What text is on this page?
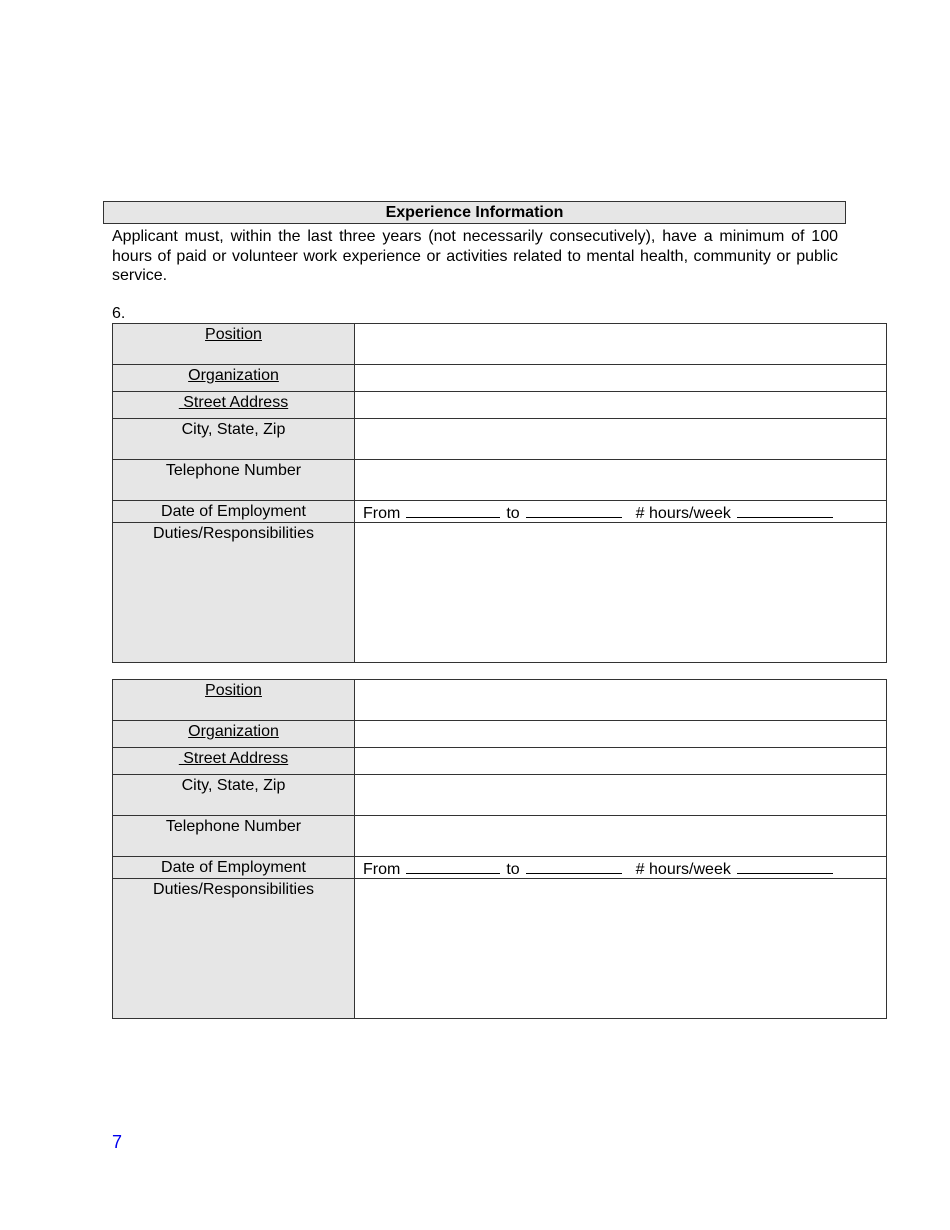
Experience Information

Applicant must, within the last three years (not necessarily consecutively), have a minimum of 100 hours of paid or volunteer work experience or activities related to mental health, community or public service.

6.
Position	
Organization	
Street Address	
City, State, Zip	
Telephone Number	
Date of Employment	From to # hours/week
Duties/Responsibilities	
Position	
Organization	
Street Address	
City, State, Zip	
Telephone Number	
Date of Employment	From to # hours/week
Duties/Responsibilities	
7
